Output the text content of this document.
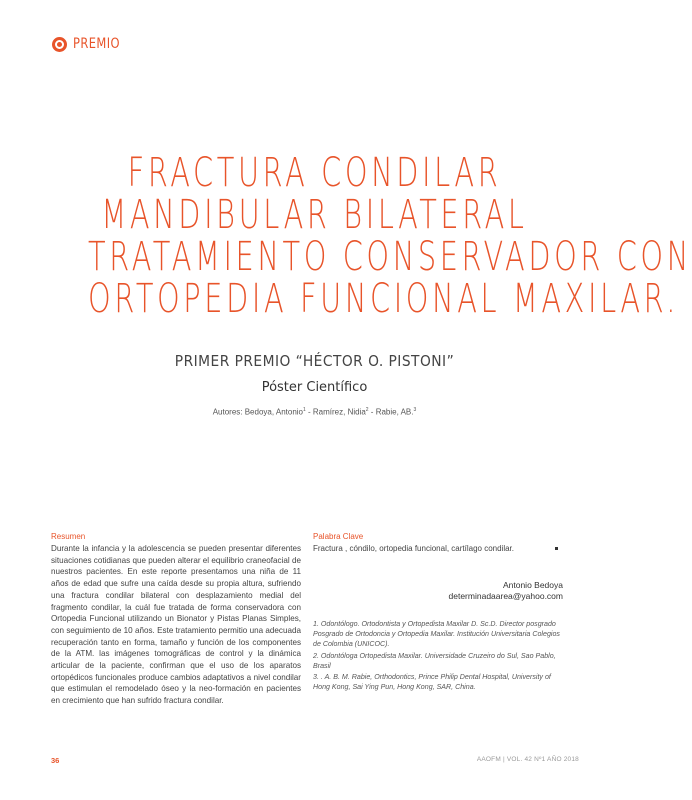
PREMIO
FRACTURA CONDILAR
MANDIBULAR BILATERAL
TRATAMIENTO CONSERVADOR CON
ORTOPEDIA FUNCIONAL MAXILAR.
PRIMER PREMIO “HÉCTOR O. PISTONI”
Póster Científico
Autores: Bedoya, Antonio$^1$ - Ramírez, Nidia$^2$ - Rabie, AB.$^3$
Resumen
Durante la infancia y la adolescencia se pueden presentar diferentes situaciones cotidianas que pueden alterar el equilibrio craneofacial de nuestros pacientes. En este reporte presentamos una niña de 11 años de edad que sufre una caída desde su propia altura, sufriendo una fractura condilar bilateral con desplazamiento medial del fragmento condilar, la cuál fue tratada de forma conservadora con Ortopedia Funcional utilizando un Bionator y Pistas Planas Simples, con seguimiento de 10 años. Este tratamiento permitio una adecuada recuperación tanto en forma, tamaño y función de los componentes de la ATM. las imágenes tomográficas de control y la dinámica articular de la paciente, confirman que el uso de los aparatos ortopédicos funcionales produce cambios adaptativos a nivel condilar que estimulan el remodelado óseo y la neo-formación en pacientes en crecimiento que han sufrido fractura condilar.
Palabra Clave
Fractura , cóndilo, ortopedia funcional, cartílago condilar.
Antonio Bedoya
determinadaarea@yahoo.com

1. Odontólogo. Ortodontista y Ortopedista Maxilar D. Sc.D. Director posgrado Posgrado de Ortodoncia y Ortopedia Maxilar. Institución Universitaria Colegios de Colombia (UNICOC).

2. Odontóloga Ortopedista Maxilar. Universidade Cruzeiro do Sul, Sao Pablo, Brasil

3. . A. B. M. Rabie, Orthodontics, Prince Philip Dental Hospital, University of Hong Kong, Sai Ying Pun, Hong Kong, SAR, China.

36	AAOFM | VOL. 42 Nº1 AÑO 2018
